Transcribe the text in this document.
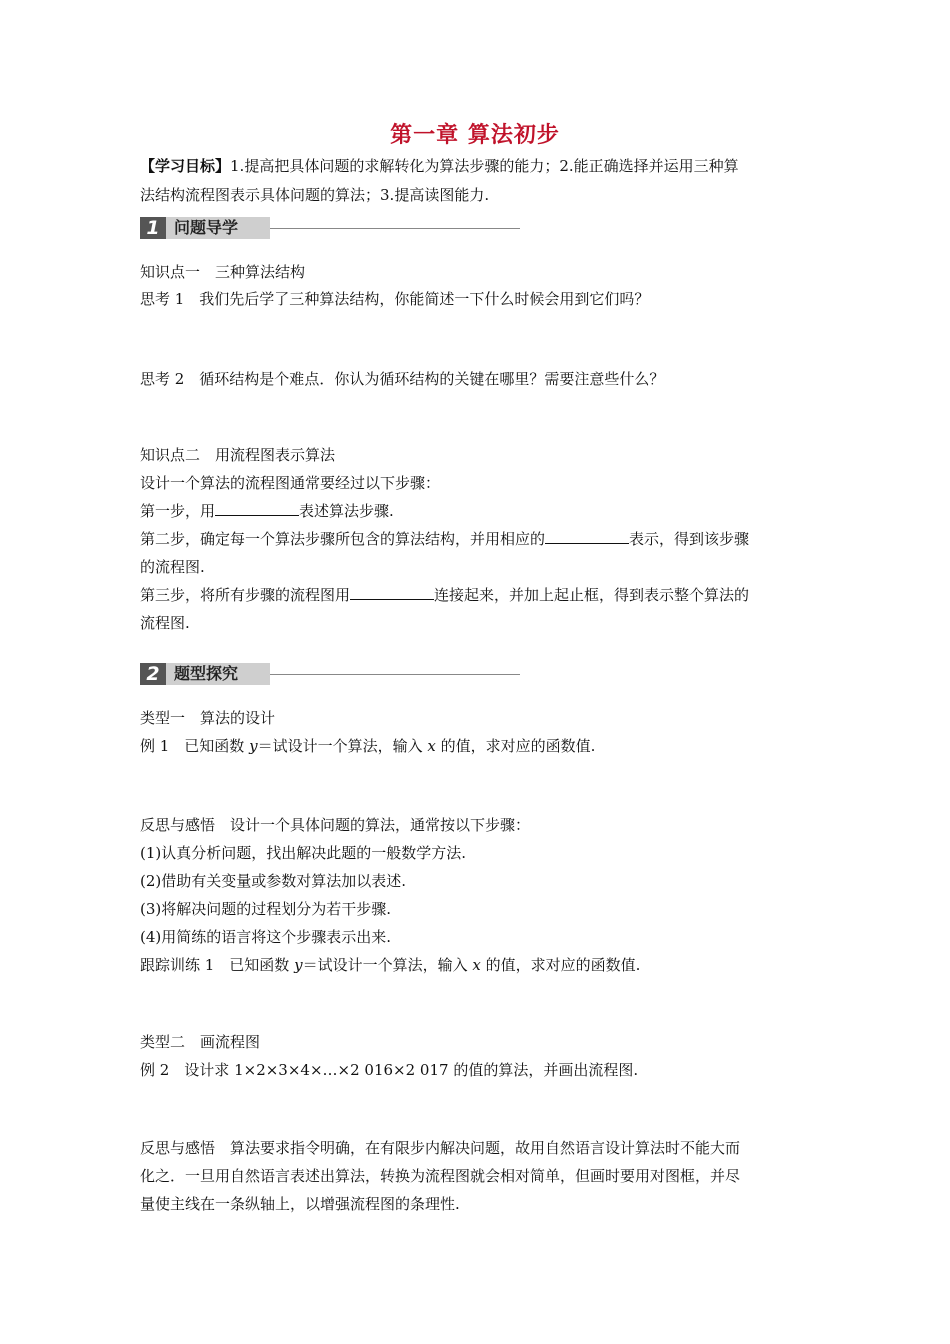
第一章 算法初步
【学习目标】1.提高把具体问题的求解转化为算法步骤的能力；2.能正确选择并运用三种算
法结构流程图表示具体问题的算法；3.提高读图能力.
1 问题导学
知识点一　三种算法结构
思考 1　我们先后学了三种算法结构，你能简述一下什么时候会用到它们吗？
思考 2　循环结构是个难点．你认为循环结构的关键在哪里？需要注意些什么？
知识点二　用流程图表示算法
设计一个算法的流程图通常要经过以下步骤：
第一步，用	表述算法步骤.
第二步，确定每一个算法步骤所包含的算法结构，并用相应的	表示，得到该步骤
的流程图.
第三步，将所有步骤的流程图用	连接起来，并加上起止框，得到表示整个算法的
流程图.
2 题型探究
类型一　算法的设计
例 1　已知函数 y＝试设计一个算法，输入 x 的值，求对应的函数值.
反思与感悟　设计一个具体问题的算法，通常按以下步骤：
(1)认真分析问题，找出解决此题的一般数学方法.
(2)借助有关变量或参数对算法加以表述.
(3)将解决问题的过程划分为若干步骤.
(4)用简练的语言将这个步骤表示出来.
跟踪训练 1　已知函数 y＝试设计一个算法，输入 x 的值，求对应的函数值.
类型二　画流程图
例 2　设计求 1×2×3×4×…×2 016×2 017 的值的算法，并画出流程图.
反思与感悟　算法要求指令明确，在有限步内解决问题，故用自然语言设计算法时不能大而
化之．一旦用自然语言表述出算法，转换为流程图就会相对简单，但画时要用对图框，并尽
量使主线在一条纵轴上，以增强流程图的条理性.
